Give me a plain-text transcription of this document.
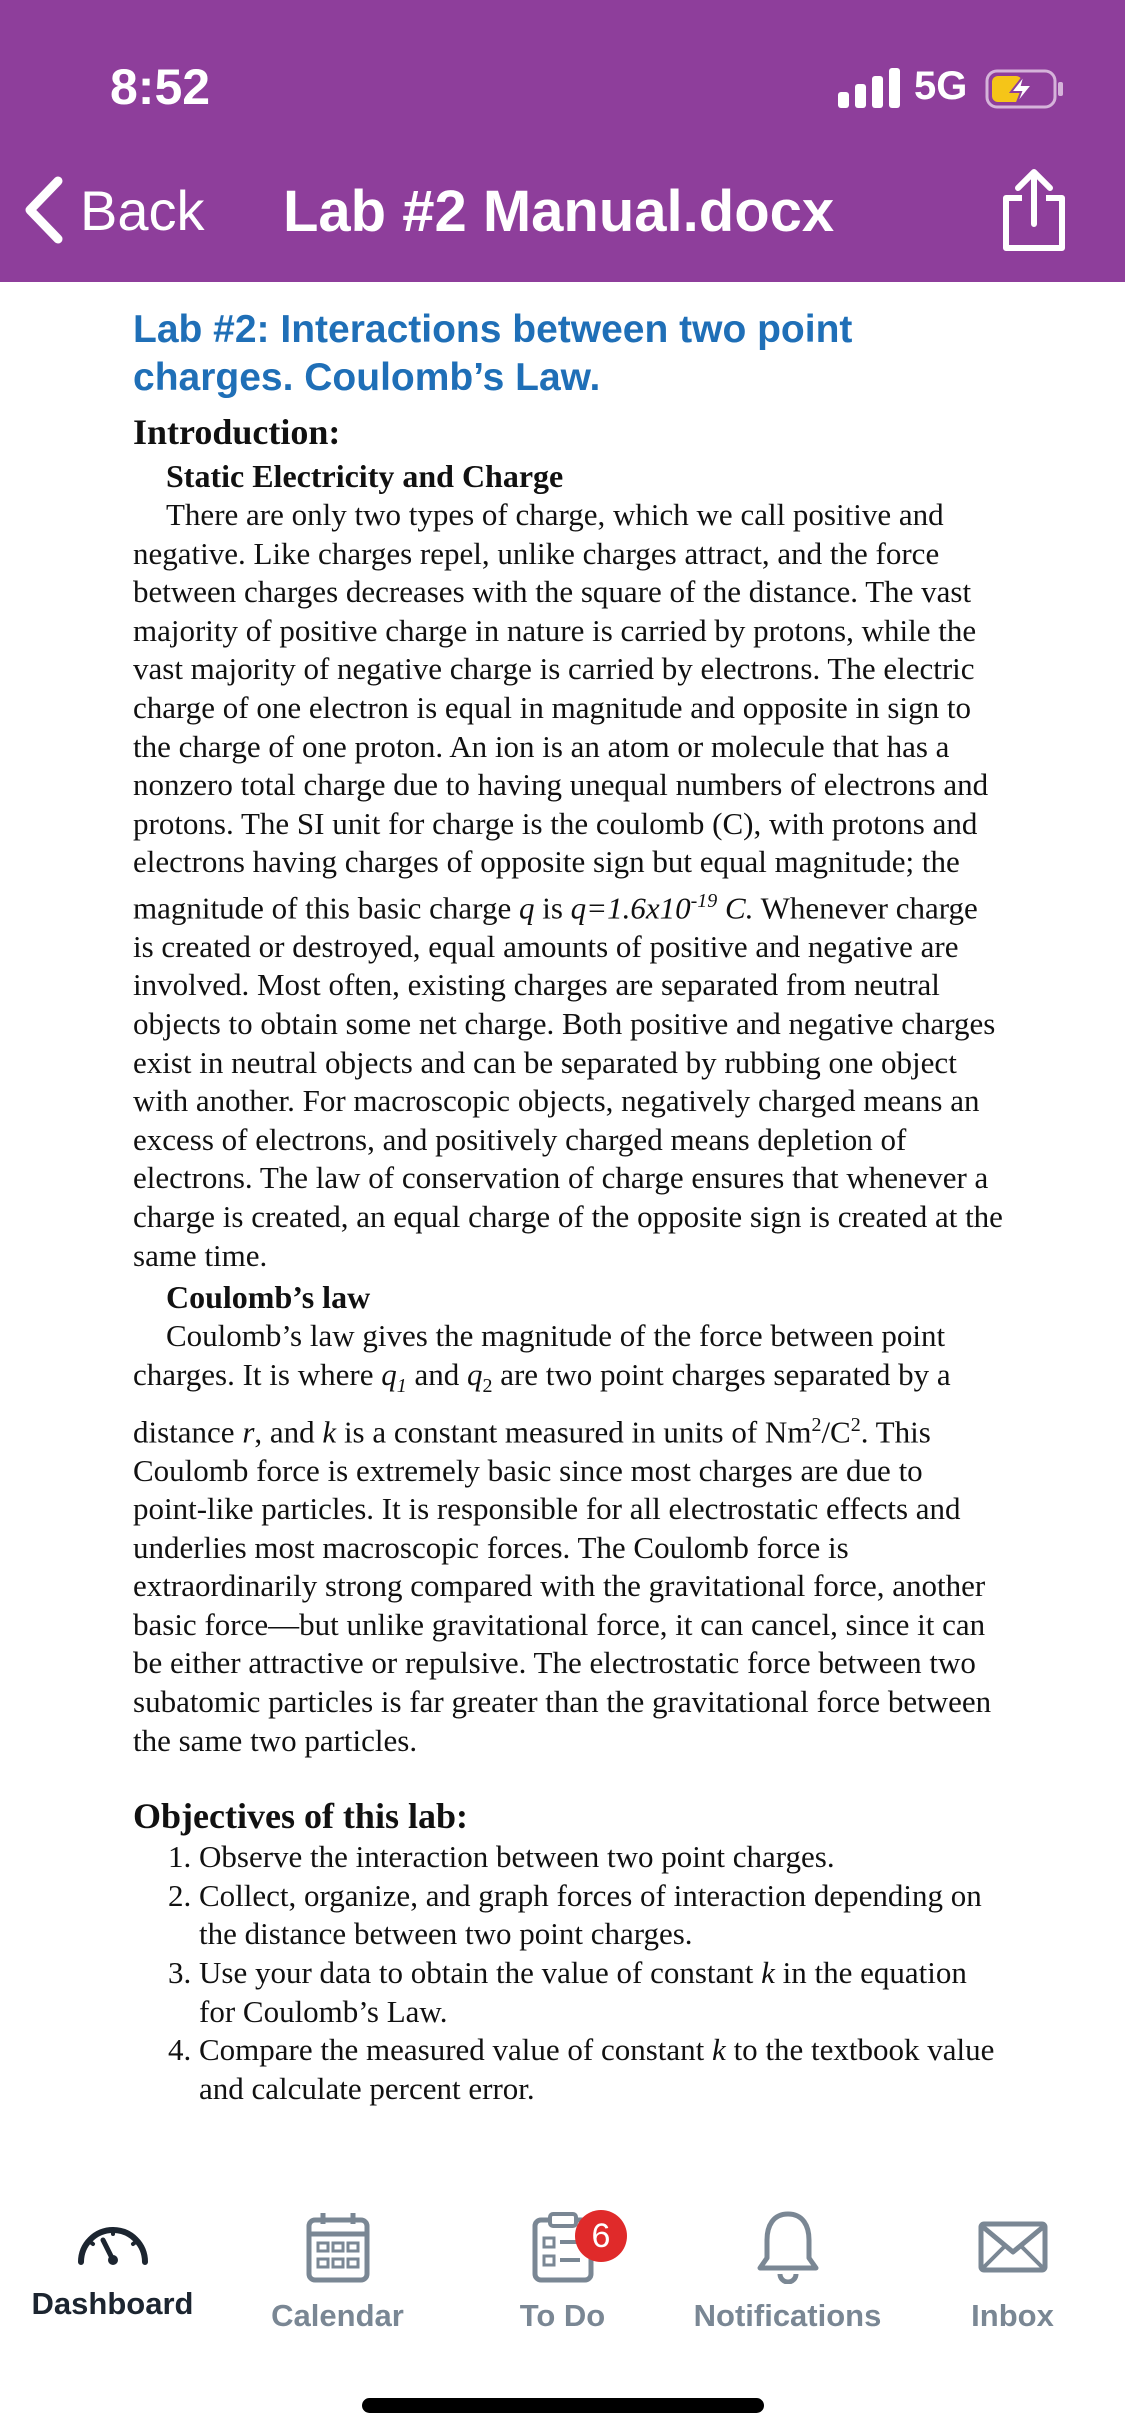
8:52	5G
Back Lab #2 Manual.docx
Lab #2: Interactions between two point
charges. Coulomb’s Law.
Introduction:
Static Electricity and Charge

There are only two types of charge, which we call positive and negative. Like charges repel, unlike charges attract, and the force between charges decreases with the square of the distance. The vast majority of positive charge in nature is carried by protons, while the vast majority of negative charge is carried by electrons. The electric charge of one electron is equal in magnitude and opposite in sign to the charge of one proton. An ion is an atom or molecule that has a nonzero total charge due to having unequal numbers of electrons and protons. The SI unit for charge is the coulomb (C), with protons and electrons having charges of opposite sign but equal magnitude; the magnitude of this basic charge q is $q=1.6x10^{-19}$ C. Whenever charge is created or destroyed, equal amounts of positive and negative are involved. Most often, existing charges are separated from neutral objects to obtain some net charge. Both positive and negative charges exist in neutral objects and can be separated by rubbing one object with another. For macroscopic objects, negatively charged means an excess of electrons, and positively charged means depletion of electrons. The law of conservation of charge ensures that whenever a charge is created, an equal charge of the opposite sign is created at the same time.

Coulomb’s law

Coulomb’s law gives the magnitude of the force between point charges. It is where $q_1$ and $q_2$ are two point charges separated by a distance r, and k is a constant measured in units of $Nm^2/C^2$. This Coulomb force is extremely basic since most charges are due to point-like particles. It is responsible for all electrostatic effects and underlies most macroscopic forces. The Coulomb force is extraordinarily strong compared with the gravitational force, another basic force—but unlike gravitational force, it can cancel, since it can be either attractive or repulsive. The electrostatic force between two subatomic particles is far greater than the gravitational force between the same two particles.

Objectives of this lab:
1. Observe the interaction between two point charges.
2. Collect, organize, and graph forces of interaction depending on the distance between two point charges.
3. Use your data to obtain the value of constant k in the equation for Coulomb’s Law.
4. Compare the measured value of constant k to the textbook value and calculate percent error.
Dashboard	Calendar
6
To Do	Notifications	Inbox
